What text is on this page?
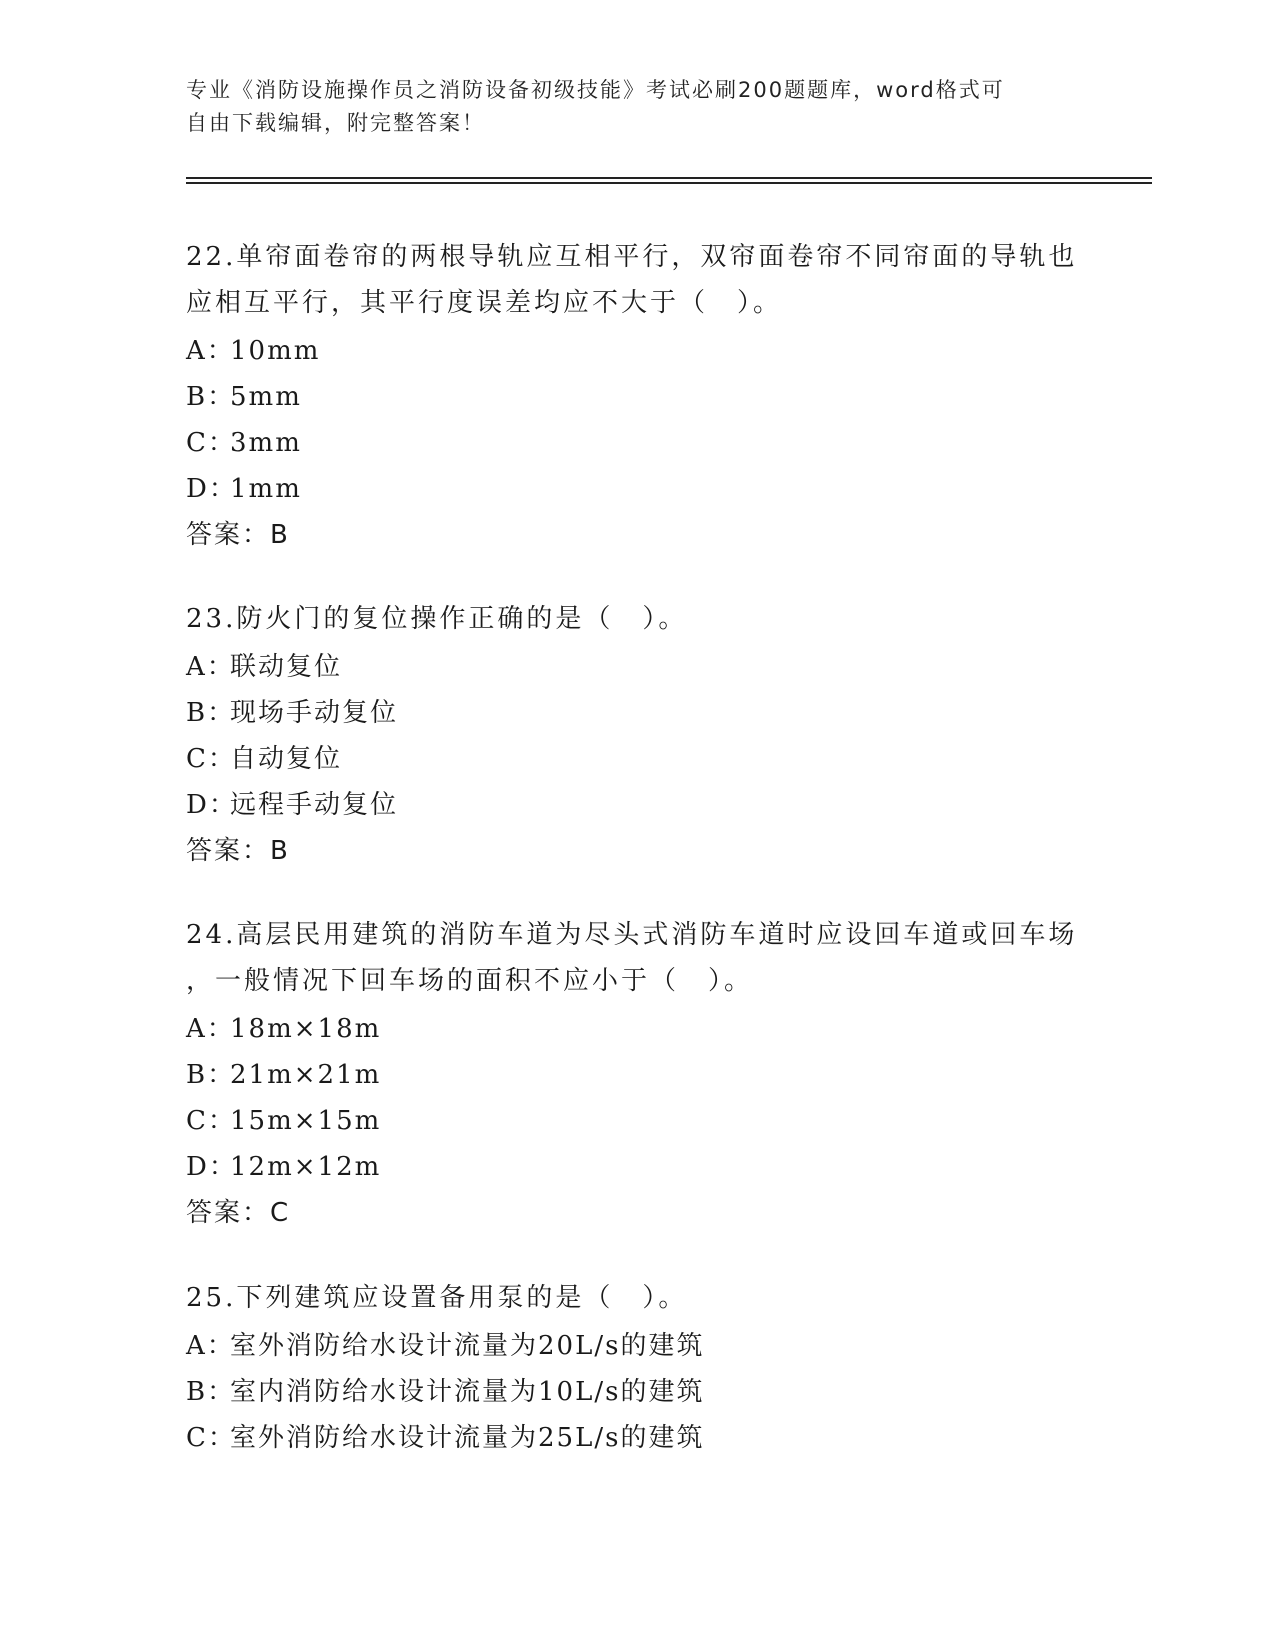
专业《消防设施操作员之消防设备初级技能》考试必刷200题题库，word格式可
自由下载编辑，附完整答案！
22.单帘面卷帘的两根导轨应互相平行，双帘面卷帘不同帘面的导轨也
应相互平行，其平行度误差均应不大于（　）。
A：10mm
B：5mm
C：3mm
D：1mm
答案：B
23.防火门的复位操作正确的是（　）。
A：联动复位
B：现场手动复位
C：自动复位
D：远程手动复位
答案：B
24.高层民用建筑的消防车道为尽头式消防车道时应设回车道或回车场
，一般情况下回车场的面积不应小于（　）。
A：18m×18m
B：21m×21m
C：15m×15m
D：12m×12m
答案：C
25.下列建筑应设置备用泵的是（　）。
A：室外消防给水设计流量为20L/s的建筑
B：室内消防给水设计流量为10L/s的建筑
C：室外消防给水设计流量为25L/s的建筑
